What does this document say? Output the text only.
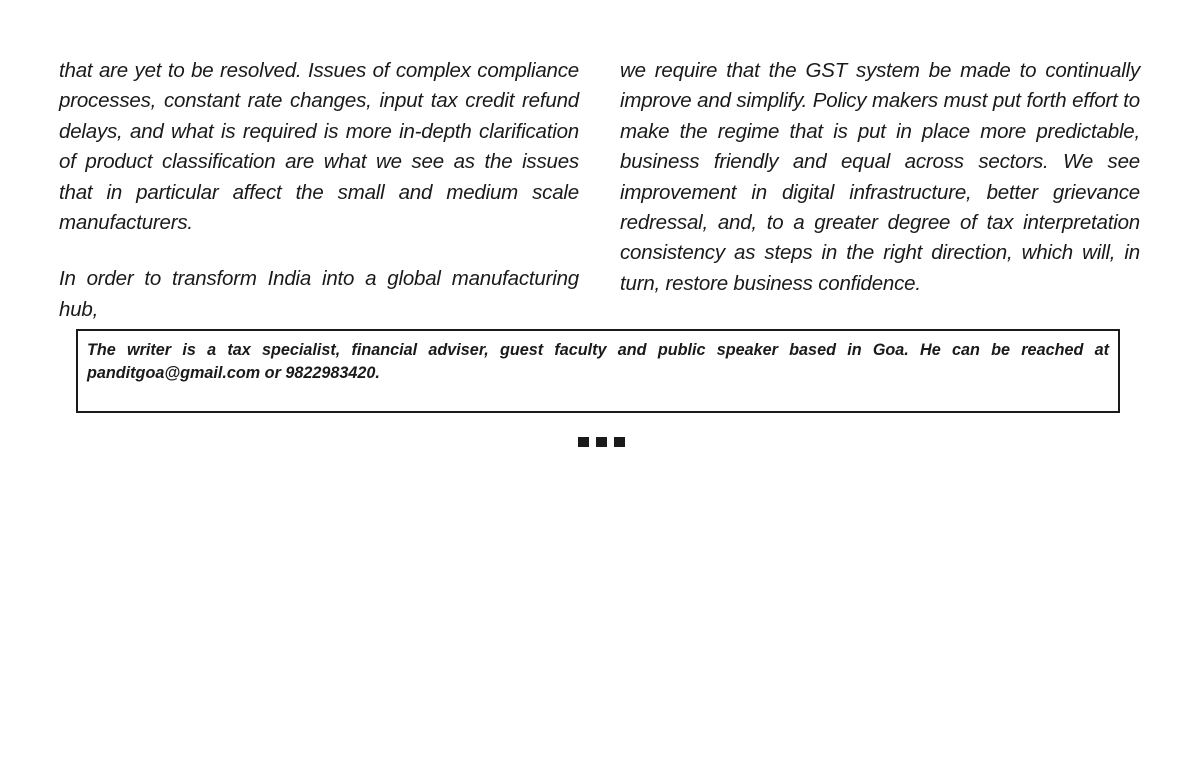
that are yet to be resolved. Issues of complex compliance processes, constant rate changes, input tax credit refund delays, and what is required is more in-depth clarification of product classification are what we see as the issues that in particular affect the small and medium scale manufacturers.

In order to transform India into a global manufacturing hub,

we require that the GST system be made to continually improve and simplify. Policy makers must put forth effort to make the regime that is put in place more predictable, business friendly and equal across sectors. We see improvement in digital infrastructure, better grievance redressal, and, to a greater degree of tax interpretation consistency as steps in the right direction, which will, in turn, restore business confidence.

The writer is a tax specialist, financial adviser, guest faculty and public speaker based in Goa. He can be reached at panditgoa@gmail.com or 9822983420.
